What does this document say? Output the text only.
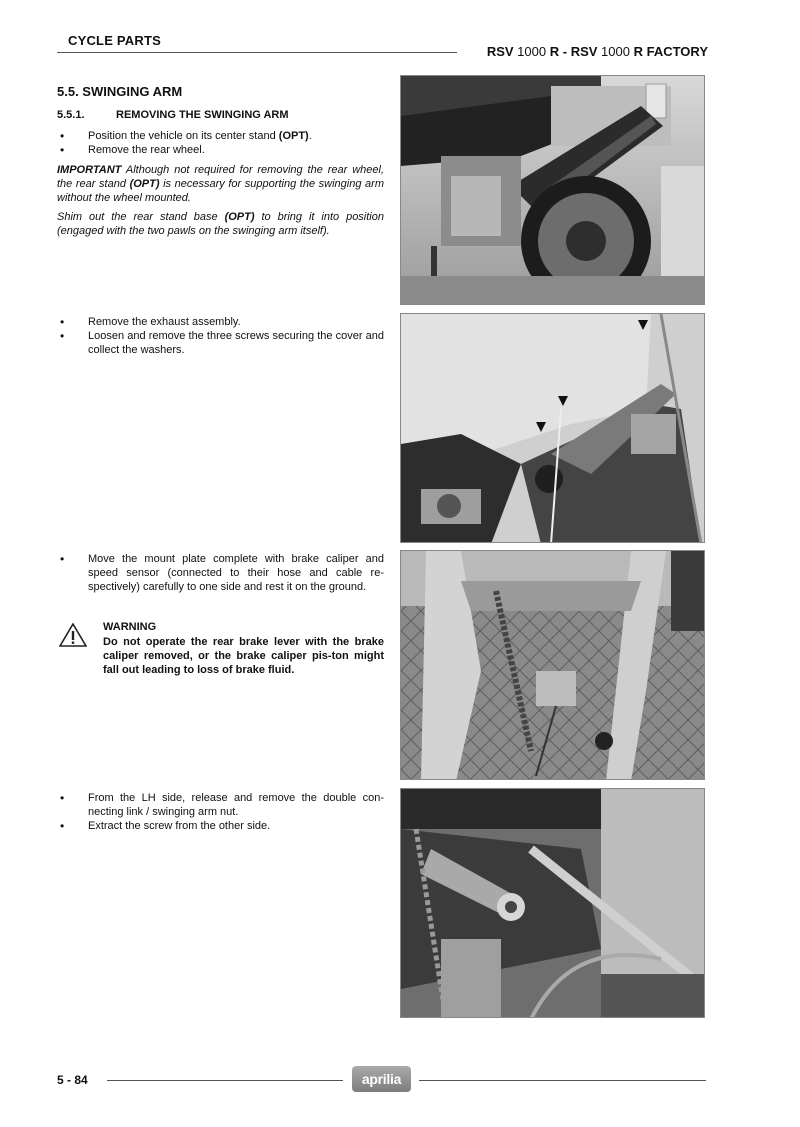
CYCLE PARTS
RSV 1000 R - RSV 1000 R FACTORY
5.5. SWINGING ARM
5.5.1.	REMOVING THE SWINGING ARM
•	Position the vehicle on its center stand (OPT).
•	Remove the rear wheel.

IMPORTANT Although not required for removing the rear wheel, the rear stand (OPT) is necessary for supporting the swinging arm without the wheel mounted.

Shim out the rear stand base (OPT) to bring it into position (engaged with the two pawls on the swinging arm itself).

•	Remove the exhaust assembly.
•	Loosen and remove the three screws securing the cover and collect the washers.
•	Move the mount plate complete with brake caliper and speed sensor (connected to their hose and cable re-spectively) carefully to one side and rest it on the ground.
WARNING
Do not operate the rear brake lever with the brake caliper removed, or the brake caliper pis-ton might fall out leading to loss of brake fluid.
•	From the LH side, release and remove the double con-necting link / swinging arm nut.
•	Extract the screw from the other side.
5 - 84	aprilia
